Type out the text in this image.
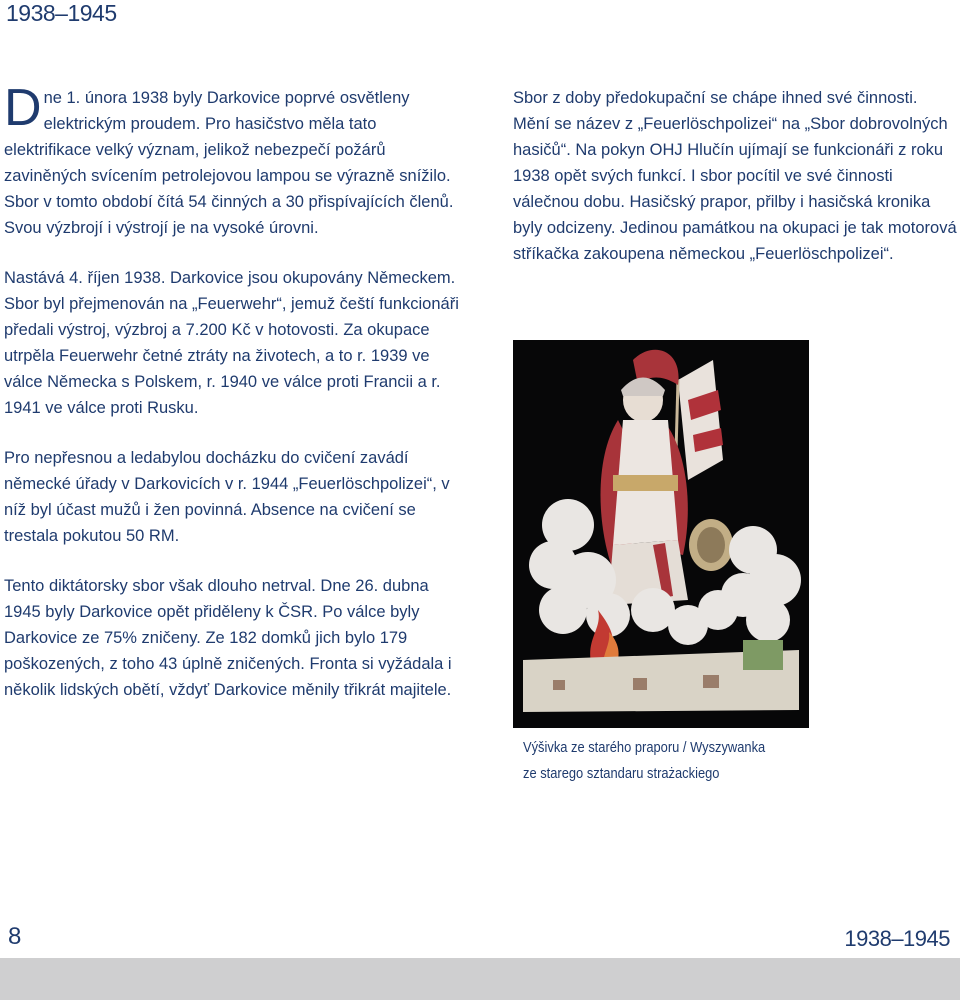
1938–1945

Dne 1. února 1938 byly Darkovice poprvé osvětleny elektrickým proudem. Pro hasičstvo měla tato elektrifikace velký význam, jelikož nebezpečí požárů zaviněných svícením petrolejovou lampou se výrazně snížilo. Sbor v tomto období čítá 54 činných a 30 přispívajících členů. Svou výzbrojí i výstrojí je na vysoké úrovni.

Nastává 4. říjen 1938. Darkovice jsou okupovány Německem. Sbor byl přejmenován na „Feuerwehr“, jemuž čeští funkcionáři předali výstroj, výzbroj a 7.200 Kč v hotovosti. Za okupace utrpěla Feuerwehr četné ztráty na životech, a to r. 1939 ve válce Německa s Polskem, r. 1940 ve válce proti Francii a r. 1941 ve válce proti Rusku.

Pro nepřesnou a ledabylou docházku do cvičení zavádí německé úřady v Darkovicích v r. 1944 „Feuerlöschpolizei“, v níž byl účast mužů i žen povinná. Absence na cvičení se trestala pokutou 50 RM.

Tento diktátorsky sbor však dlouho netrval. Dne 26. dubna 1945 byly Darkovice opět přiděleny k ČSR. Po válce byly Darkovice ze 75% zničeny. Ze 182 domků jich bylo 179 poškozených, z toho 43 úplně zničených. Fronta si vyžádala i několik lidských obětí, vždyť Darkovice měnily třikrát majitele.

Sbor z doby předokupační se chápe ihned své činnosti. Mění se název z „Feuerlöschpolizei“ na „Sbor dobrovolných hasičů“. Na pokyn OHJ Hlučín ujímají se funkcionáři z roku 1938 opět svých funkcí. I sbor pocítil ve své činnosti válečnou dobu. Hasičský prapor, přilby i hasičská kronika byly odcizeny. Jedinou památkou na okupaci je tak motorová stříkačka zakoupena německou „Feuerlöschpolizei“.

Výšivka ze starého praporu / Wyszywanka
ze starego sztandaru strażackiego
8	1938–1945
